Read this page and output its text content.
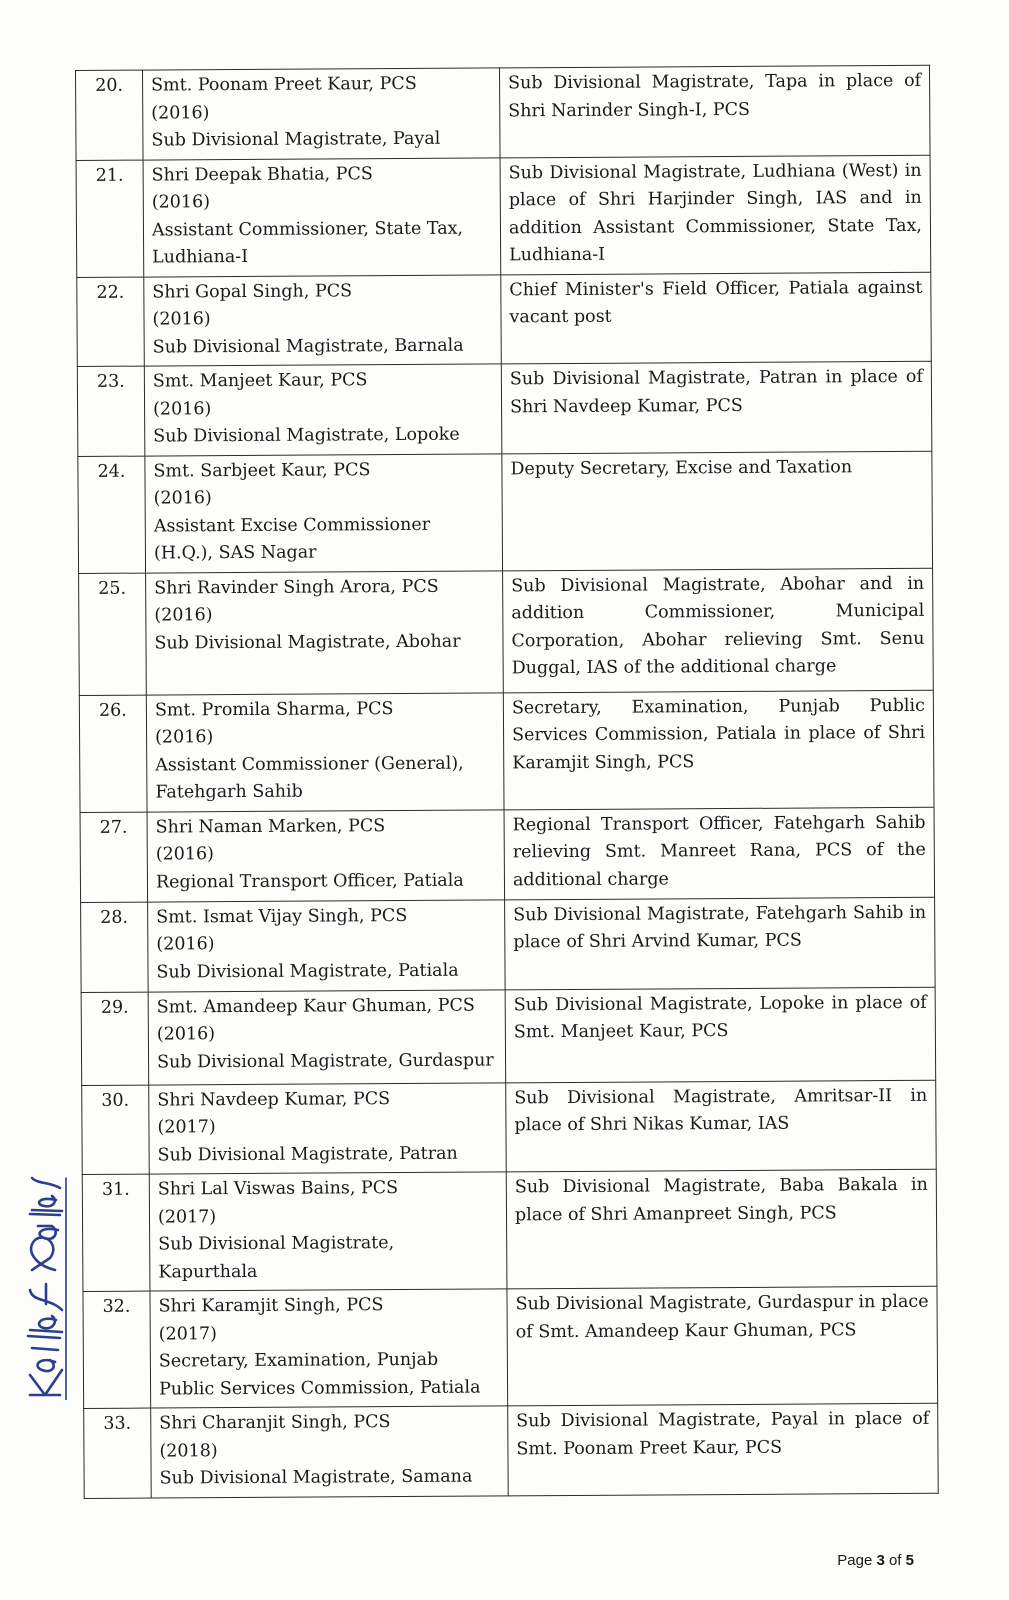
20.	Smt. Poonam Preet Kaur, PCS
(2016)
Sub Divisional Magistrate, Payal	Sub Divisional Magistrate, Tapa in place of Shri Narinder Singh-I, PCS
21.	Shri Deepak Bhatia, PCS
(2016)
Assistant Commissioner, State Tax, Ludhiana-I	Sub Divisional Magistrate, Ludhiana (West) in place of Shri Harjinder Singh, IAS and in addition Assistant Commissioner, State Tax, Ludhiana-I
22.	Shri Gopal Singh, PCS
(2016)
Sub Divisional Magistrate, Barnala	Chief Minister's Field Officer, Patiala against vacant post
23.	Smt. Manjeet Kaur, PCS
(2016)
Sub Divisional Magistrate, Lopoke	Sub Divisional Magistrate, Patran in place of Shri Navdeep Kumar, PCS
24.	Smt. Sarbjeet Kaur, PCS
(2016)
Assistant Excise Commissioner (H.Q.), SAS Nagar	Deputy Secretary, Excise and Taxation
25.	Shri Ravinder Singh Arora, PCS
(2016)
Sub Divisional Magistrate, Abohar	Sub Divisional Magistrate, Abohar and in addition Commissioner, Municipal Corporation, Abohar relieving Smt. Senu Duggal, IAS of the additional charge
26.	Smt. Promila Sharma, PCS
(2016)
Assistant Commissioner (General), Fatehgarh Sahib	Secretary, Examination, Punjab Public Services Commission, Patiala in place of Shri Karamjit Singh, PCS
27.	Shri Naman Marken, PCS
(2016)
Regional Transport Officer, Patiala	Regional Transport Officer, Fatehgarh Sahib relieving Smt. Manreet Rana, PCS of the additional charge
28.	Smt. Ismat Vijay Singh, PCS
(2016)
Sub Divisional Magistrate, Patiala	Sub Divisional Magistrate, Fatehgarh Sahib in place of Shri Arvind Kumar, PCS
29.	Smt. Amandeep Kaur Ghuman, PCS
(2016)
Sub Divisional Magistrate, Gurdaspur	Sub Divisional Magistrate, Lopoke in place of Smt. Manjeet Kaur, PCS
30.	Shri Navdeep Kumar, PCS
(2017)
Sub Divisional Magistrate, Patran	Sub Divisional Magistrate, Amritsar-II in place of Shri Nikas Kumar, IAS
31.	Shri Lal Viswas Bains, PCS
(2017)
Sub Divisional Magistrate, Kapurthala	Sub Divisional Magistrate, Baba Bakala in place of Shri Amanpreet Singh, PCS
32.	Shri Karamjit Singh, PCS
(2017)
Secretary, Examination, Punjab Public Services Commission, Patiala	Sub Divisional Magistrate, Gurdaspur in place of Smt. Amandeep Kaur Ghuman, PCS
33.	Shri Charanjit Singh, PCS
(2018)
Sub Divisional Magistrate, Samana	Sub Divisional Magistrate, Payal in place of Smt. Poonam Preet Kaur, PCS
Page 3 of 5
